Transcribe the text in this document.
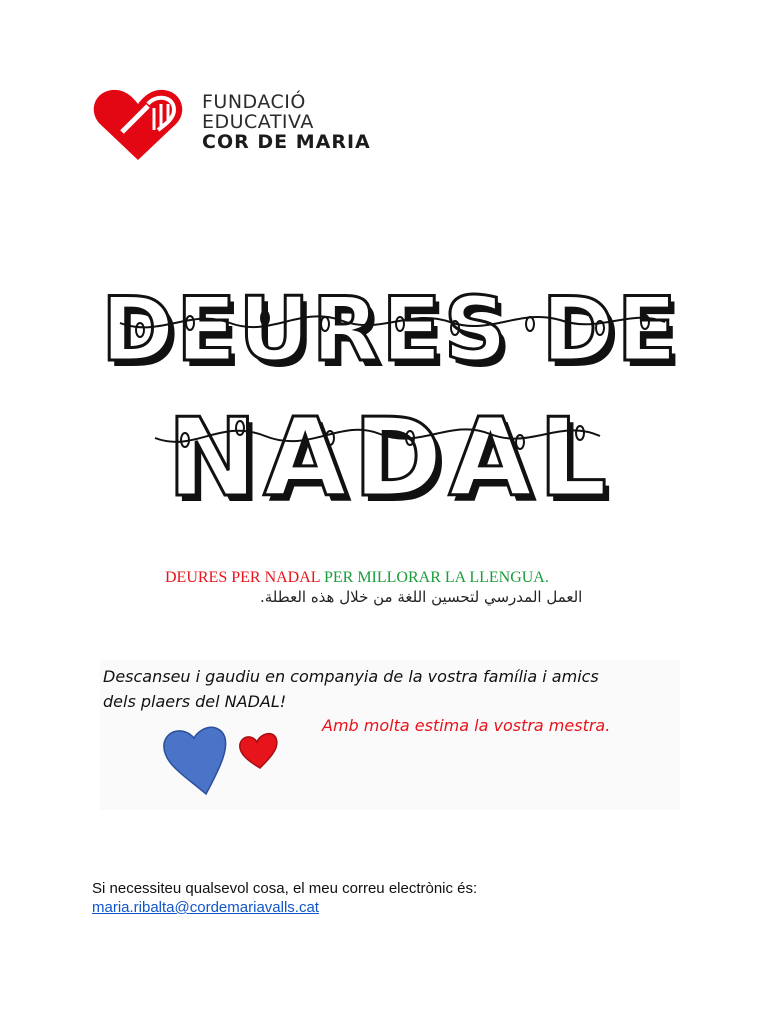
FUNDACIÓ
EDUCATIVA
COR DE MARIA
DEURES DE
NADAL
DEURES PER NADAL PER MILLORAR LA LLENGUA.
العمل المدرسي لتحسين اللغة من خلال هذه العطلة.
Descanseu i gaudiu en companyia de la vostra família i amics
dels plaers del NADAL!
Amb molta estima la vostra mestra.
Si necessiteu qualsevol cosa, el meu correu electrònic és:
maria.ribalta@cordemariavalls.cat
